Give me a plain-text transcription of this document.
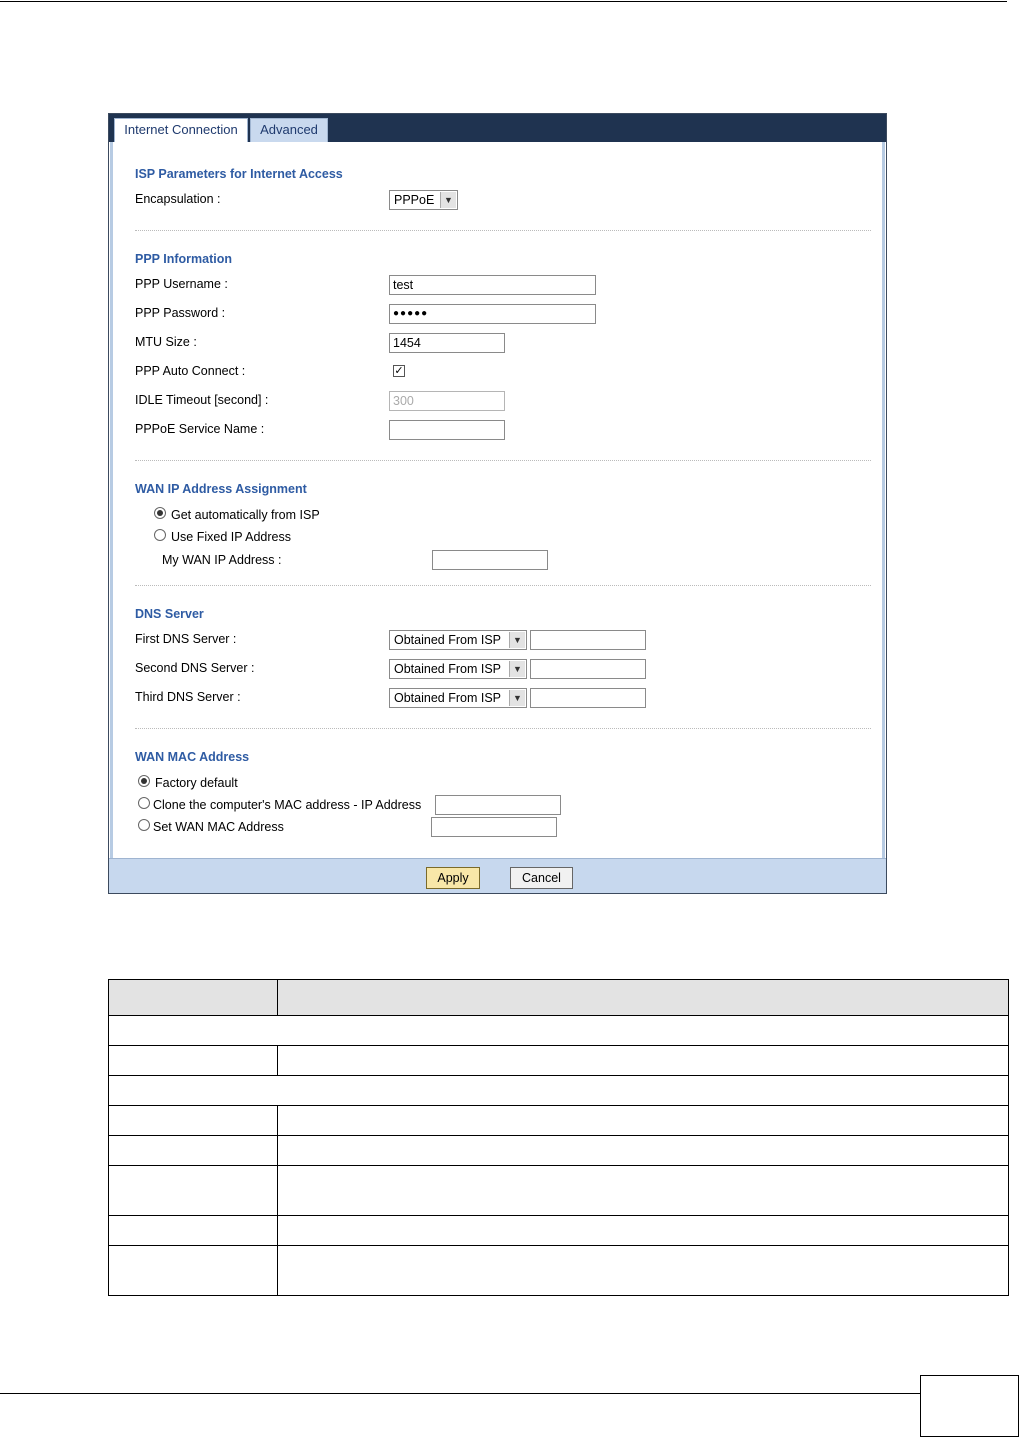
Internet Connection	Advanced
ISP Parameters for Internet Access
Encapsulation :	PPPoE	▼
PPP Information
PPP Username :	test
PPP Password :	●●●●●
MTU Size :	1454
PPP Auto Connect :	✓
IDLE Timeout [second] :	300
PPPoE Service Name :
WAN IP Address Assignment
Get automatically from ISP
Use Fixed IP Address
My WAN IP Address :
DNS Server
First DNS Server :	Obtained From ISP	▼
Second DNS Server :	Obtained From ISP	▼
Third DNS Server :	Obtained From ISP	▼
WAN MAC Address
Factory default
Clone the computer's MAC address - IP Address
Set WAN MAC Address
Apply	Cancel
